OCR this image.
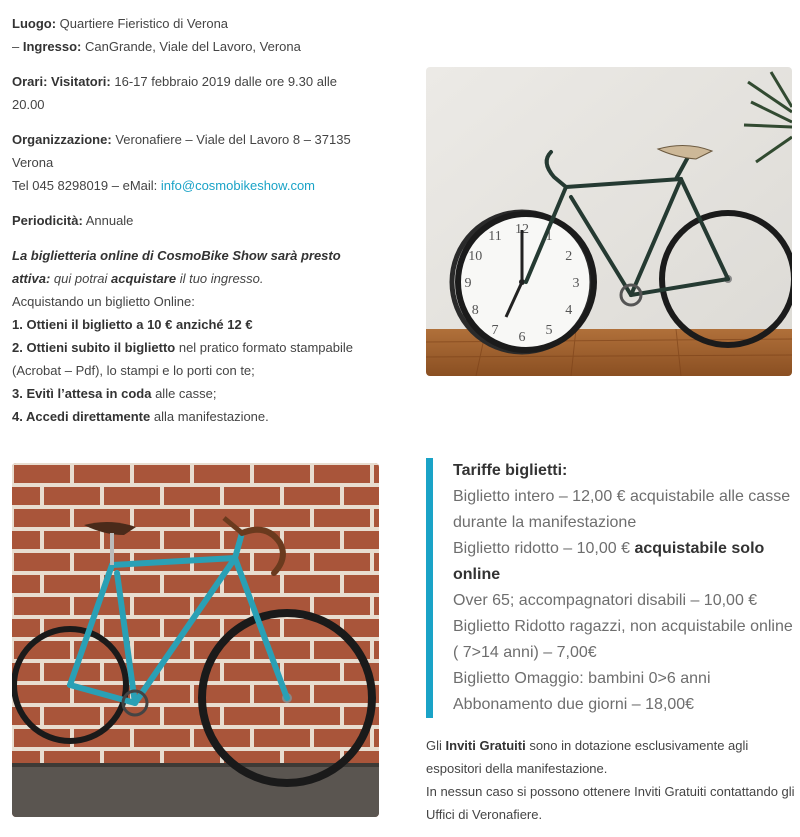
Luogo: Quartiere Fieristico di Verona
– Ingresso: CanGrande, Viale del Lavoro, Verona
Orari: Visitatori: 16-17 febbraio 2019 dalle ore 9.30 alle 20.00
Organizzazione: Veronafiere – Viale del Lavoro 8 – 37135 Verona
Tel 045 8298019 – eMail: info@cosmobikeshow.com
Periodicità: Annuale
La biglietteria online di CosmoBike Show sarà presto attiva: qui potrai acquistare il tuo ingresso.
Acquistando un biglietto Online:
1. Ottieni il biglietto a 10 € anziché 12 €
2. Ottieni subito il biglietto nel pratico formato stampabile (Acrobat – Pdf), lo stampi e lo porti con te;
3. Evitì l’attesa in coda alle casse;
4. Accedi direttamente alla manifestazione.
12 1
2
3
4
5
6
7
8
9
10
11
Tariffe biglietti:
Biglietto intero – 12,00 € acquistabile alle casse durante la manifestazione
Biglietto ridotto – 10,00 € acquistabile solo online
Over 65; accompagnatori disabili – 10,00 €
Biglietto Ridotto ragazzi, non acquistabile online ( 7>14 anni) – 7,00€
Biglietto Omaggio: bambini 0>6 anni
Abbonamento due giorni – 18,00€
Gli Inviti Gratuiti sono in dotazione esclusivamente agli espositori della manifestazione.
In nessun caso si possono ottenere Inviti Gratuiti contattando gli Uffici di Veronafiere.
